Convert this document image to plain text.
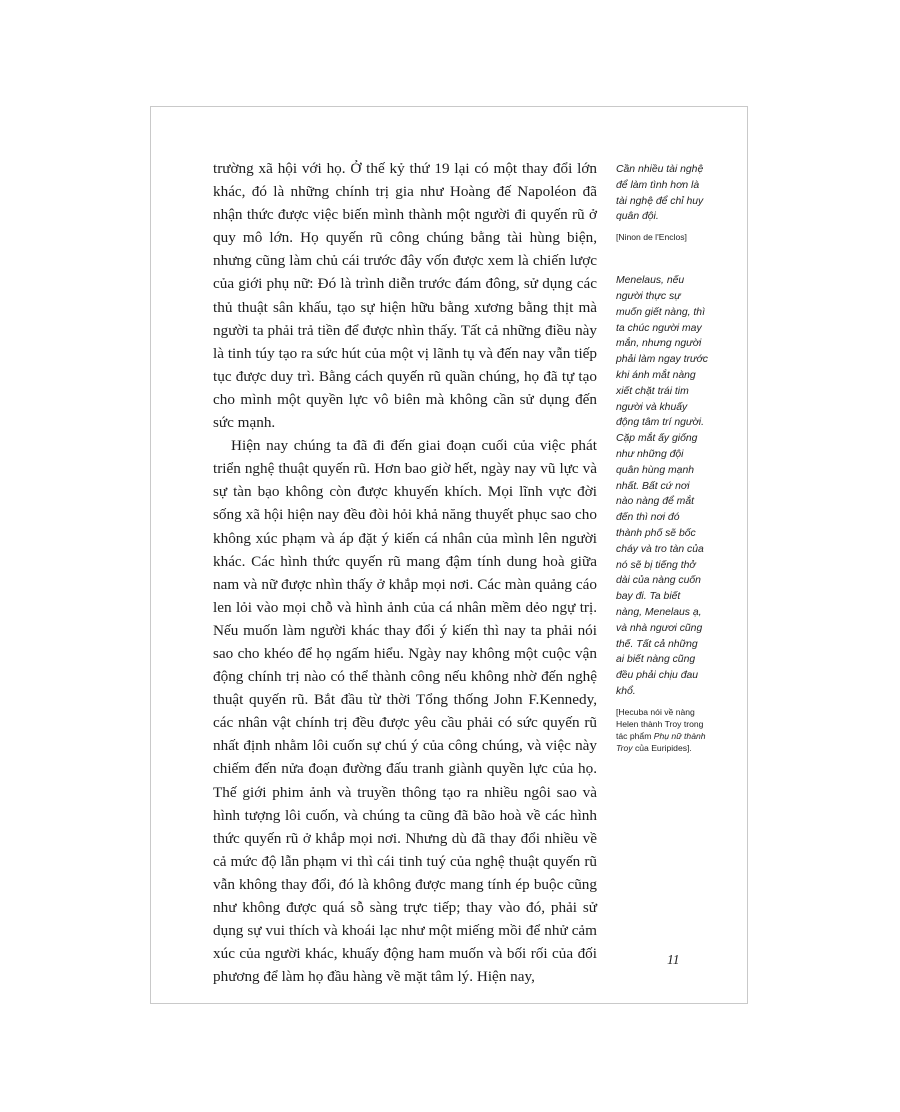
trường xã hội với họ. Ở thế kỷ thứ 19 lại có một thay đổi lớn khác, đó là những chính trị gia như Hoàng đế Napoléon đã nhận thức được việc biến mình thành một người đi quyến rũ ở quy mô lớn. Họ quyến rũ công chúng bằng tài hùng biện, nhưng cũng làm chủ cái trước đây vốn được xem là chiến lược của giới phụ nữ: Đó là trình diễn trước đám đông, sử dụng các thủ thuật sân khấu, tạo sự hiện hữu bằng xương bằng thịt mà người ta phải trả tiền để được nhìn thấy. Tất cả những điều này là tinh túy tạo ra sức hút của một vị lãnh tụ và đến nay vẫn tiếp tục được duy trì. Bằng cách quyến rũ quần chúng, họ đã tự tạo cho mình một quyền lực vô biên mà không cần sử dụng đến sức mạnh.

Hiện nay chúng ta đã đi đến giai đoạn cuối của việc phát triển nghệ thuật quyến rũ. Hơn bao giờ hết, ngày nay vũ lực và sự tàn bạo không còn được khuyến khích. Mọi lĩnh vực đời sống xã hội hiện nay đều đòi hỏi khả năng thuyết phục sao cho không xúc phạm và áp đặt ý kiến cá nhân của mình lên người khác. Các hình thức quyến rũ mang đậm tính dung hoà giữa nam và nữ được nhìn thấy ở khắp mọi nơi. Các màn quảng cáo len lỏi vào mọi chỗ và hình ảnh của cá nhân mềm dẻo ngự trị. Nếu muốn làm người khác thay đổi ý kiến thì nay ta phải nói sao cho khéo để họ ngấm hiểu. Ngày nay không một cuộc vận động chính trị nào có thể thành công nếu không nhờ đến nghệ thuật quyến rũ. Bắt đầu từ thời Tổng thống John F.Kennedy, các nhân vật chính trị đều được yêu cầu phải có sức quyến rũ nhất định nhằm lôi cuốn sự chú ý của công chúng, và việc này chiếm đến nửa đoạn đường đấu tranh giành quyền lực của họ. Thế giới phim ảnh và truyền thông tạo ra nhiều ngôi sao và hình tượng lôi cuốn, và chúng ta cũng đã bão hoà về các hình thức quyến rũ ở khắp mọi nơi. Nhưng dù đã thay đổi nhiều về cả mức độ lẫn phạm vi thì cái tinh tuý của nghệ thuật quyến rũ vẫn không thay đổi, đó là không được mang tính ép buộc cũng như không được quá sỗ sàng trực tiếp; thay vào đó, phải sử dụng sự vui thích và khoái lạc như một miếng mồi để nhử cảm xúc của người khác, khuấy động ham muốn và bối rối của đối phương để làm họ đầu hàng về mặt tâm lý. Hiện nay,

Cần nhiều tài nghệ để làm tình hơn là tài nghệ để chỉ huy quân đội.

[Ninon de l'Enclos]

Menelaus, nếu người thực sự muốn giết nàng, thì ta chúc người may mắn, nhưng người phải làm ngay trước khi ánh mắt nàng xiết chặt trái tim người và khuấy động tâm trí người. Cặp mắt ấy giống như những đội quân hùng mạnh nhất. Bất cứ nơi nào nàng để mắt đến thì nơi đó thành phố sẽ bốc cháy và tro tàn của nó sẽ bị tiếng thở dài của nàng cuốn bay đi. Ta biết nàng, Menelaus ạ, và nhà ngươi cũng thế. Tất cả những ai biết nàng cũng đều phải chịu đau khổ.

[Hecuba nói về nàng Helen thành Troy trong tác phẩm Phụ nữ thành Troy của Euripides].

11
